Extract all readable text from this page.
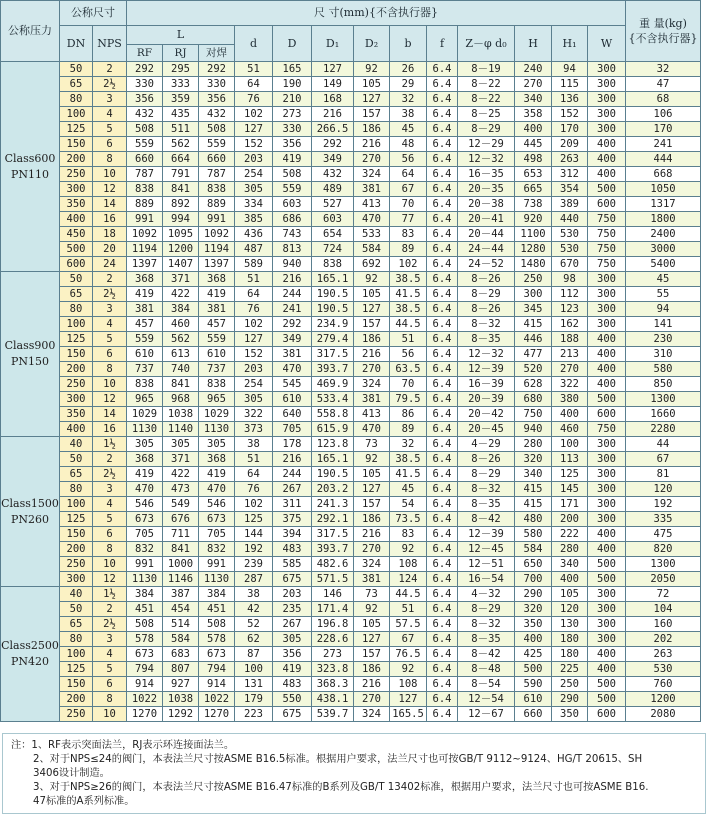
公称压力	公称尺寸		尺 寸(mm){不含执行器}													重 量(kg)
{不含执行器}

	DN	NPS	L			d	D	D₁	D₂	b	f	Z－φ d₀	H	H₁	W	
			RF	RJ	对焊											

Class600
PN110	50	2	292	295	292	51	165	127	92	26	6.4	8－19	240	94	300	32
	65	2½	330	333	330	64	190	149	105	29	6.4	8－22	270	115	300	47
	80	3	356	359	356	76	210	168	127	32	6.4	8－22	340	136	300	68
	100	4	432	435	432	102	273	216	157	38	6.4	8－25	358	152	300	106
	125	5	508	511	508	127	330	266.5	186	45	6.4	8－29	400	170	300	170
	150	6	559	562	559	152	356	292	216	48	6.4	12－29	445	209	400	241
	200	8	660	664	660	203	419	349	270	56	6.4	12－32	498	263	400	444
	250	10	787	791	787	254	508	432	324	64	6.4	16－35	653	312	400	668
	300	12	838	841	838	305	559	489	381	67	6.4	20－35	665	354	500	1050
	350	14	889	892	889	334	603	527	413	70	6.4	20－38	738	389	600	1317
	400	16	991	994	991	385	686	603	470	77	6.4	20－41	920	440	750	1800
	450	18	1092	1095	1092	436	743	654	533	83	6.4	20－44	1100	530	750	2400
	500	20	1194	1200	1194	487	813	724	584	89	6.4	24－44	1280	530	750	3000
	600	24	1397	1407	1397	589	940	838	692	102	6.4	24－52	1480	670	750	5400

Class900
PN150	50	2	368	371	368	51	216	165.1	92	38.5	6.4	8－26	250	98	300	45
	65	2½	419	422	419	64	244	190.5	105	41.5	6.4	8－29	300	112	300	55
	80	3	381	384	381	76	241	190.5	127	38.5	6.4	8－26	345	123	300	94
	100	4	457	460	457	102	292	234.9	157	44.5	6.4	8－32	415	162	300	141
	125	5	559	562	559	127	349	279.4	186	51	6.4	8－35	446	188	400	230
	150	6	610	613	610	152	381	317.5	216	56	6.4	12－32	477	213	400	310
	200	8	737	740	737	203	470	393.7	270	63.5	6.4	12－39	520	270	400	580
	250	10	838	841	838	254	545	469.9	324	70	6.4	16－39	628	322	400	850
	300	12	965	968	965	305	610	533.4	381	79.5	6.4	20－39	680	380	500	1300
	350	14	1029	1038	1029	322	640	558.8	413	86	6.4	20－42	750	400	600	1660
	400	16	1130	1140	1130	373	705	615.9	470	89	6.4	20－45	940	460	750	2280

Class1500
PN260	40	1½	305	305	305	38	178	123.8	73	32	6.4	4－29	280	100	300	44
	50	2	368	371	368	51	216	165.1	92	38.5	6.4	8－26	320	113	300	67
	65	2½	419	422	419	64	244	190.5	105	41.5	6.4	8－29	340	125	300	81
	80	3	470	473	470	76	267	203.2	127	45	6.4	8－32	415	145	300	120
	100	4	546	549	546	102	311	241.3	157	54	6.4	8－35	415	171	300	192
	125	5	673	676	673	125	375	292.1	186	73.5	6.4	8－42	480	200	300	335
	150	6	705	711	705	144	394	317.5	216	83	6.4	12－39	580	222	400	475
	200	8	832	841	832	192	483	393.7	270	92	6.4	12－45	584	280	400	820
	250	10	991	1000	991	239	585	482.6	324	108	6.4	12－51	650	340	500	1300
	300	12	1130	1146	1130	287	675	571.5	381	124	6.4	16－54	700	400	500	2050

Class2500
PN420	40	1½	384	387	384	38	203	146	73	44.5	6.4	4－32	290	105	300	72
	50	2	451	454	451	42	235	171.4	92	51	6.4	8－29	320	120	300	104
	65	2½	508	514	508	52	267	196.8	105	57.5	6.4	8－32	350	130	300	160
	80	3	578	584	578	62	305	228.6	127	67	6.4	8－35	400	180	300	202
	100	4	673	683	673	87	356	273	157	76.5	6.4	8－42	425	180	400	263
	125	5	794	807	794	100	419	323.8	186	92	6.4	8－48	500	225	400	530
	150	6	914	927	914	131	483	368.3	216	108	6.4	8－54	590	250	500	760
	200	8	1022	1038	1022	179	550	438.1	270	127	6.4	12－54	610	290	500	1200
	250	10	1270	1292	1270	223	675	539.7	324	165.5	6.4	12－67	660	350	600	2080
注：1、RF表示突面法兰，RJ表示环连接面法兰。
2、对于NPS≤24的阀门，本表法兰尺寸按ASME B16.5标准。根据用户要求，法兰尺寸也可按GB/T 9112~9124、HG/T 20615、SH
3406设计制造。
3、对于NPS≥26的阀门，本表法兰尺寸按ASME B16.47标准的B系列及GB/T 13402标准，根据用户要求，法兰尺寸也可按ASME B16.
47标准的A系列标准。
